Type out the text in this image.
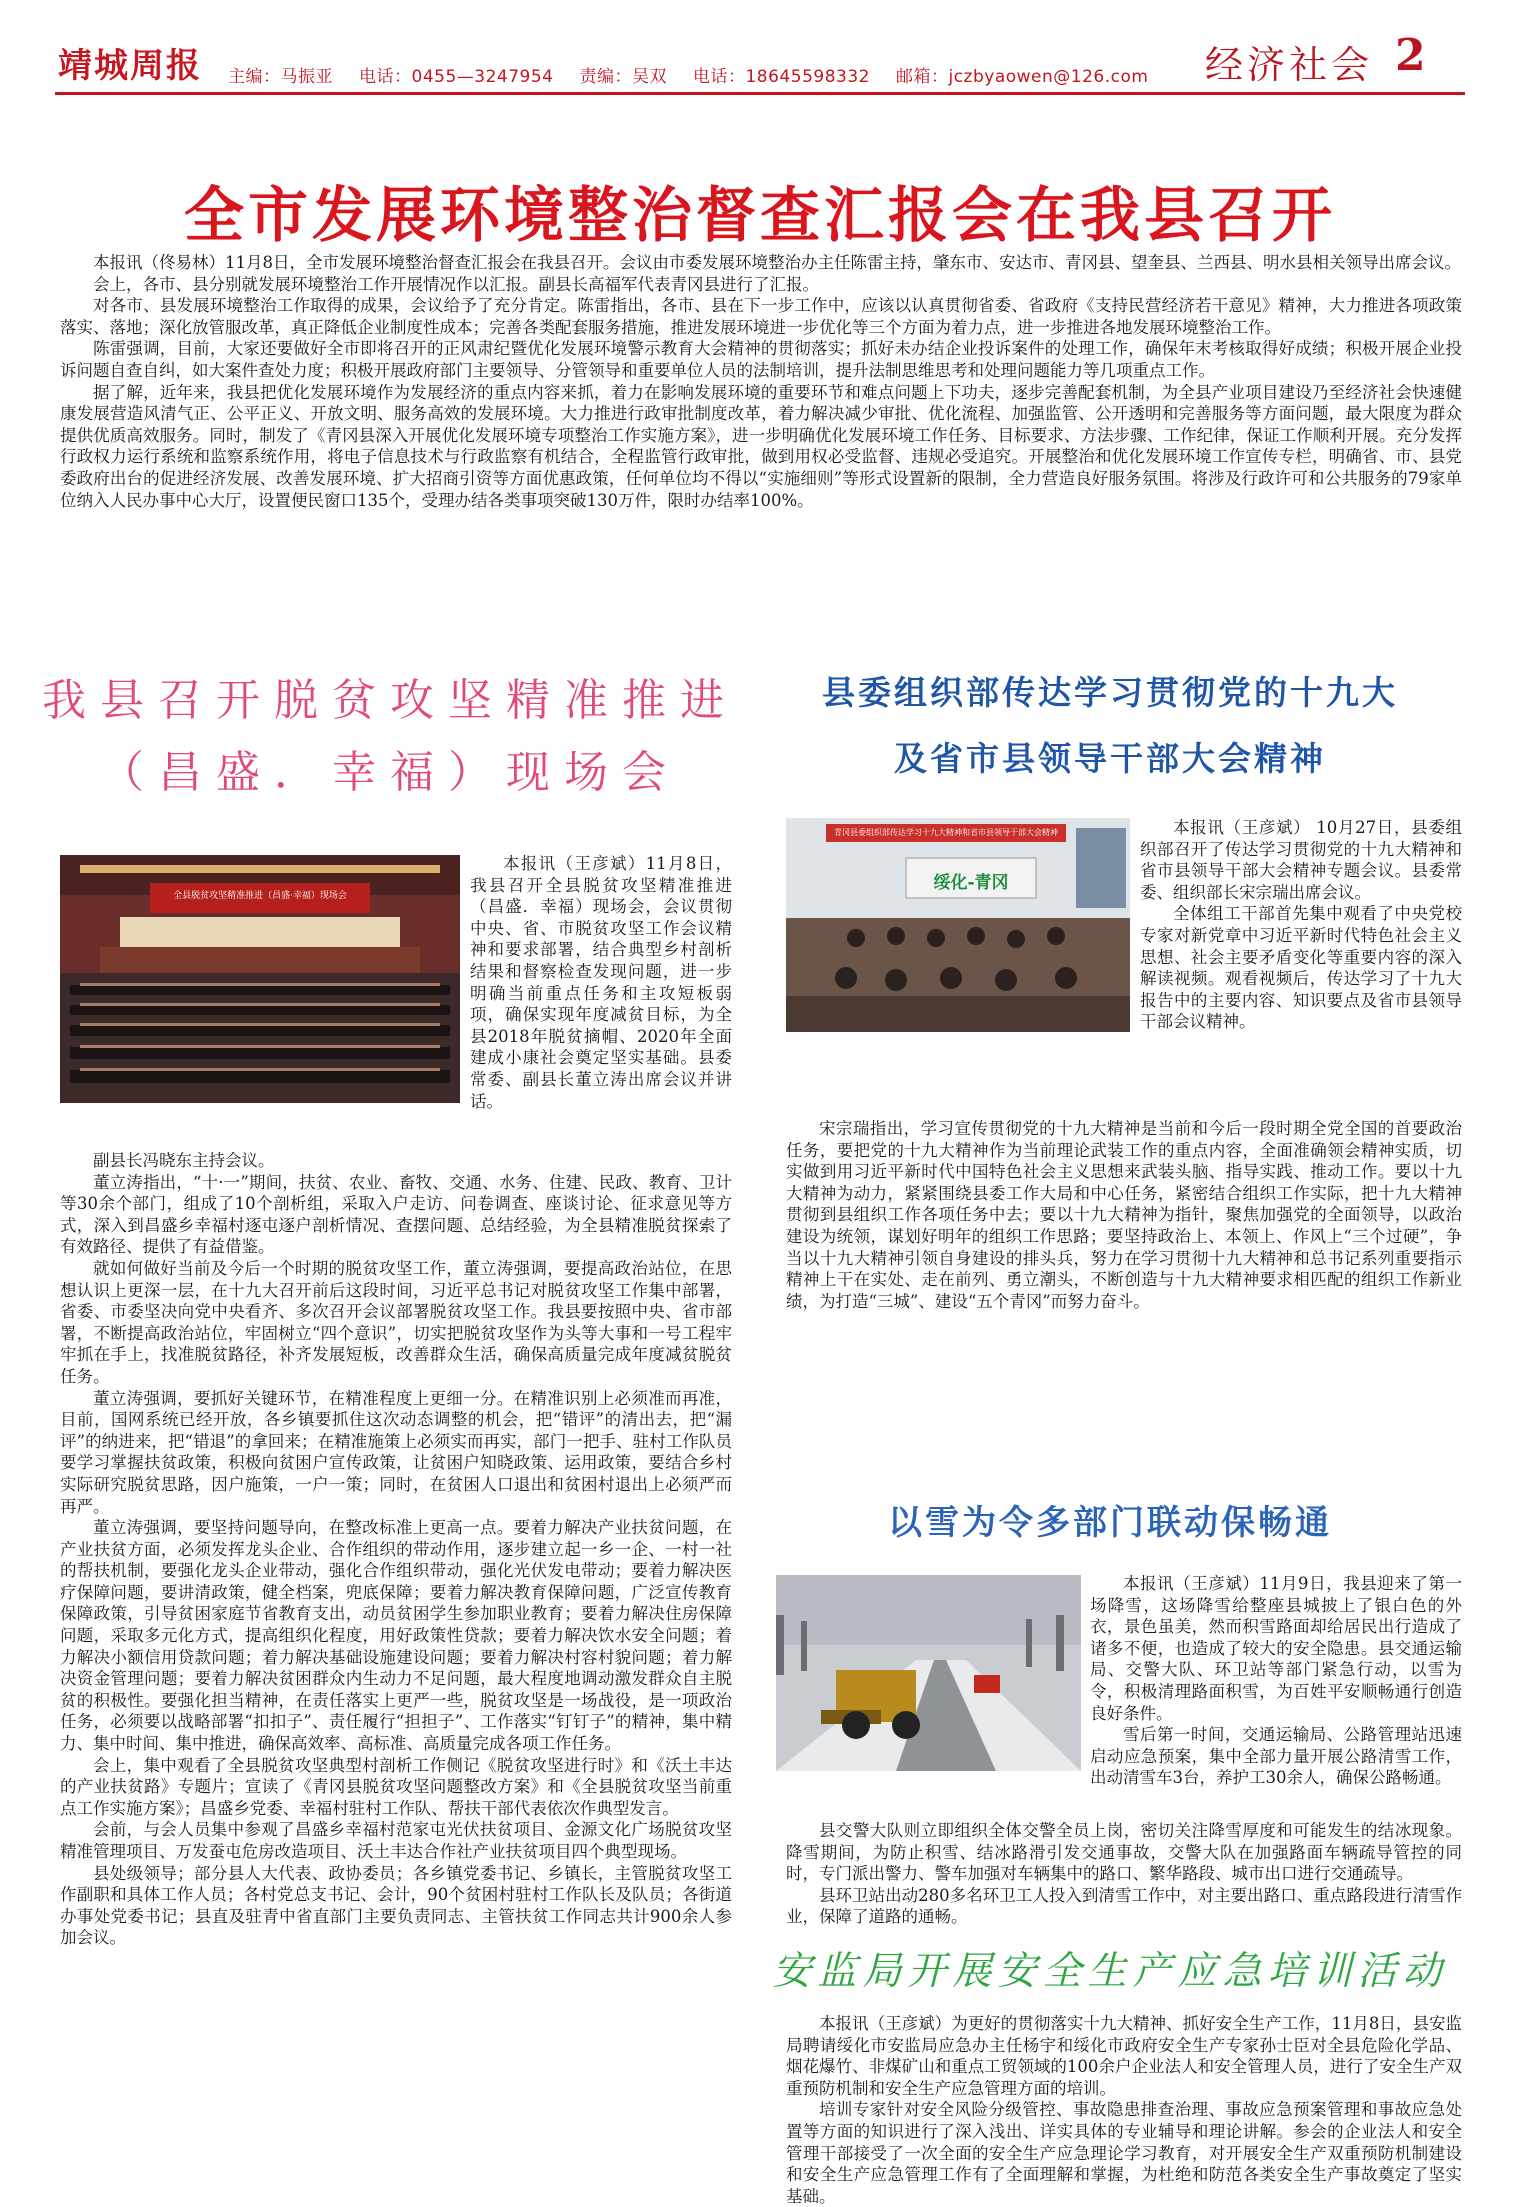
靖城周报 主编：马振亚 电话：0455—3247954 责编：吴双 电话：18645598332 邮箱：jczbyaowen@126.com	经济社会 2
全市发展环境整治督查汇报会在我县召开

本报讯（佟易林）11月8日，全市发展环境整治督查汇报会在我县召开。会议由市委发展环境整治办主任陈雷主持，肇东市、安达市、青冈县、望奎县、兰西县、明水县相关领导出席会议。

会上，各市、县分别就发展环境整治工作开展情况作以汇报。副县长高福军代表青冈县进行了汇报。

对各市、县发展环境整治工作取得的成果，会议给予了充分肯定。陈雷指出，各市、县在下一步工作中，应该以认真贯彻省委、省政府《支持民营经济若干意见》精神，大力推进各项政策落实、落地；深化放管服改革，真正降低企业制度性成本；完善各类配套服务措施，推进发展环境进一步优化等三个方面为着力点，进一步推进各地发展环境整治工作。

陈雷强调，目前，大家还要做好全市即将召开的正风肃纪暨优化发展环境警示教育大会精神的贯彻落实；抓好未办结企业投诉案件的处理工作，确保年末考核取得好成绩；积极开展企业投诉问题自查自纠，如大案件查处力度；积极开展政府部门主要领导、分管领导和重要单位人员的法制培训，提升法制思维思考和处理问题能力等几项重点工作。

据了解，近年来，我县把优化发展环境作为发展经济的重点内容来抓，着力在影响发展环境的重要环节和难点问题上下功夫，逐步完善配套机制，为全县产业项目建设乃至经济社会快速健康发展营造风清气正、公平正义、开放文明、服务高效的发展环境。大力推进行政审批制度改革，着力解决减少审批、优化流程、加强监管、公开透明和完善服务等方面问题，最大限度为群众提供优质高效服务。同时，制发了《青冈县深入开展优化发展环境专项整治工作实施方案》，进一步明确优化发展环境工作任务、目标要求、方法步骤、工作纪律，保证工作顺利开展。充分发挥行政权力运行系统和监察系统作用，将电子信息技术与行政监察有机结合，全程监管行政审批，做到用权必受监督、违规必受追究。开展整治和优化发展环境工作宣传专栏，明确省、市、县党委政府出台的促进经济发展、改善发展环境、扩大招商引资等方面优惠政策，任何单位均不得以“实施细则”等形式设置新的限制，全力营造良好服务氛围。将涉及行政许可和公共服务的79家单位纳入人民办事中心大厅，设置便民窗口135个，受理办结各类事项突破130万件，限时办结率100%。

我县召开脱贫攻坚精准推进
（昌盛．幸福）现场会
全县脱贫攻坚精准推进（昌盛·幸福）现场会

本报讯（王彦斌）11月8日，我县召开全县脱贫攻坚精准推进（昌盛．幸福）现场会，会议贯彻中央、省、市脱贫攻坚工作会议精神和要求部署，结合典型乡村剖析结果和督察检查发现问题，进一步明确当前重点任务和主攻短板弱项，确保实现年度减贫目标，为全县2018年脱贫摘帽、2020年全面建成小康社会奠定坚实基础。县委常委、副县长董立涛出席会议并讲话。

副县长冯晓东主持会议。

董立涛指出，“十·一”期间，扶贫、农业、畜牧、交通、水务、住建、民政、教育、卫计等30余个部门，组成了10个剖析组，采取入户走访、问卷调查、座谈讨论、征求意见等方式，深入到昌盛乡幸福村逐屯逐户剖析情况、查摆问题、总结经验，为全县精准脱贫探索了有效路径、提供了有益借鉴。

就如何做好当前及今后一个时期的脱贫攻坚工作，董立涛强调，要提高政治站位，在思想认识上更深一层，在十九大召开前后这段时间，习近平总书记对脱贫攻坚工作集中部署，省委、市委坚决向党中央看齐、多次召开会议部署脱贫攻坚工作。我县要按照中央、省市部署，不断提高政治站位，牢固树立“四个意识”，切实把脱贫攻坚作为头等大事和一号工程牢牢抓在手上，找准脱贫路径，补齐发展短板，改善群众生活，确保高质量完成年度减贫脱贫任务。

董立涛强调，要抓好关键环节，在精准程度上更细一分。在精准识别上必须准而再准，目前，国网系统已经开放，各乡镇要抓住这次动态调整的机会，把“错评”的清出去，把“漏评”的纳进来，把“错退”的拿回来；在精准施策上必须实而再实，部门一把手、驻村工作队员要学习掌握扶贫政策，积极向贫困户宣传政策，让贫困户知晓政策、运用政策，要结合乡村实际研究脱贫思路，因户施策，一户一策；同时，在贫困人口退出和贫困村退出上必须严而再严。

董立涛强调，要坚持问题导向，在整改标准上更高一点。要着力解决产业扶贫问题，在产业扶贫方面，必须发挥龙头企业、合作组织的带动作用，逐步建立起一乡一企、一村一社的帮扶机制，要强化龙头企业带动，强化合作组织带动，强化光伏发电带动；要着力解决医疗保障问题，要讲清政策，健全档案，兜底保障；要着力解决教育保障问题，广泛宣传教育保障政策，引导贫困家庭节省教育支出，动员贫困学生参加职业教育；要着力解决住房保障问题，采取多元化方式，提高组织化程度，用好政策性贷款；要着力解决饮水安全问题；着力解决小额信用贷款问题；着力解决基础设施建设问题；要着力解决村容村貌问题；着力解决资金管理问题；要着力解决贫困群众内生动力不足问题，最大程度地调动激发群众自主脱贫的积极性。要强化担当精神，在责任落实上更严一些，脱贫攻坚是一场战役，是一项政治任务，必须要以战略部署“扣扣子”、责任履行“担担子”、工作落实“钉钉子”的精神，集中精力、集中时间、集中推进，确保高效率、高标准、高质量完成各项工作任务。

会上，集中观看了全县脱贫攻坚典型村剖析工作侧记《脱贫攻坚进行时》和《沃土丰达的产业扶贫路》专题片；宣读了《青冈县脱贫攻坚问题整改方案》和《全县脱贫攻坚当前重点工作实施方案》；昌盛乡党委、幸福村驻村工作队、帮扶干部代表依次作典型发言。

会前，与会人员集中参观了昌盛乡幸福村范家屯光伏扶贫项目、金源文化广场脱贫攻坚精准管理项目、万发蚕屯危房改造项目、沃土丰达合作社产业扶贫项目四个典型现场。

县处级领导；部分县人大代表、政协委员；各乡镇党委书记、乡镇长，主管脱贫攻坚工作副职和具体工作人员；各村党总支书记、会计，90个贫困村驻村工作队长及队员；各街道办事处党委书记；县直及驻青中省直部门主要负责同志、主管扶贫工作同志共计900余人参加会议。

县委组织部传达学习贯彻党的十九大
及省市县领导干部大会精神
青冈县委组织部传达学习十九大精神和省市县领导干部大会精神
绥化-青冈

本报讯（王彦斌） 10月27日，县委组织部召开了传达学习贯彻党的十九大精神和省市县领导干部大会精神专题会议。县委常委、组织部长宋宗瑞出席会议。

全体组工干部首先集中观看了中央党校专家对新党章中习近平新时代特色社会主义思想、社会主要矛盾变化等重要内容的深入解读视频。观看视频后，传达学习了十九大报告中的主要内容、知识要点及省市县领导干部会议精神。

宋宗瑞指出，学习宣传贯彻党的十九大精神是当前和今后一段时期全党全国的首要政治任务，要把党的十九大精神作为当前理论武装工作的重点内容，全面准确领会精神实质，切实做到用习近平新时代中国特色社会主义思想来武装头脑、指导实践、推动工作。要以十九大精神为动力，紧紧围绕县委工作大局和中心任务，紧密结合组织工作实际，把十九大精神贯彻到县组织工作各项任务中去；要以十九大精神为指针，聚焦加强党的全面领导，以政治建设为统领，谋划好明年的组织工作思路；要坚持政治上、本领上、作风上“三个过硬”，争当以十九大精神引领自身建设的排头兵，努力在学习贯彻十九大精神和总书记系列重要指示精神上干在实处、走在前列、勇立潮头，不断创造与十九大精神要求相匹配的组织工作新业绩，为打造“三城”、建设“五个青冈”而努力奋斗。

以雪为令多部门联动保畅通

本报讯（王彦斌）11月9日，我县迎来了第一场降雪，这场降雪给整座县城披上了银白色的外衣，景色虽美，然而积雪路面却给居民出行造成了诸多不便，也造成了较大的安全隐患。县交通运输局、交警大队、环卫站等部门紧急行动，以雪为令，积极清理路面积雪，为百姓平安顺畅通行创造良好条件。

雪后第一时间，交通运输局、公路管理站迅速启动应急预案，集中全部力量开展公路清雪工作，出动清雪车3台，养护工30余人，确保公路畅通。

县交警大队则立即组织全体交警全员上岗，密切关注降雪厚度和可能发生的结冰现象。降雪期间，为防止积雪、结冰路滑引发交通事故，交警大队在加强路面车辆疏导管控的同时，专门派出警力、警车加强对车辆集中的路口、繁华路段、城市出口进行交通疏导。

县环卫站出动280多名环卫工人投入到清雪工作中，对主要出路口、重点路段进行清雪作业，保障了道路的通畅。

安监局开展安全生产应急培训活动

本报讯（王彦斌）为更好的贯彻落实十九大精神、抓好安全生产工作，11月8日，县安监局聘请绥化市安监局应急办主任杨宇和绥化市政府安全生产专家孙士臣对全县危险化学品、烟花爆竹、非煤矿山和重点工贸领域的100余户企业法人和安全管理人员，进行了安全生产双重预防机制和安全生产应急管理方面的培训。

培训专家针对安全风险分级管控、事故隐患排查治理、事故应急预案管理和事故应急处置等方面的知识进行了深入浅出、详实具体的专业辅导和理论讲解。参会的企业法人和安全管理干部接受了一次全面的安全生产应急理论学习教育，对开展安全生产双重预防机制建设和安全生产应急管理工作有了全面理解和掌握，为杜绝和防范各类安全生产事故奠定了坚实基础。
